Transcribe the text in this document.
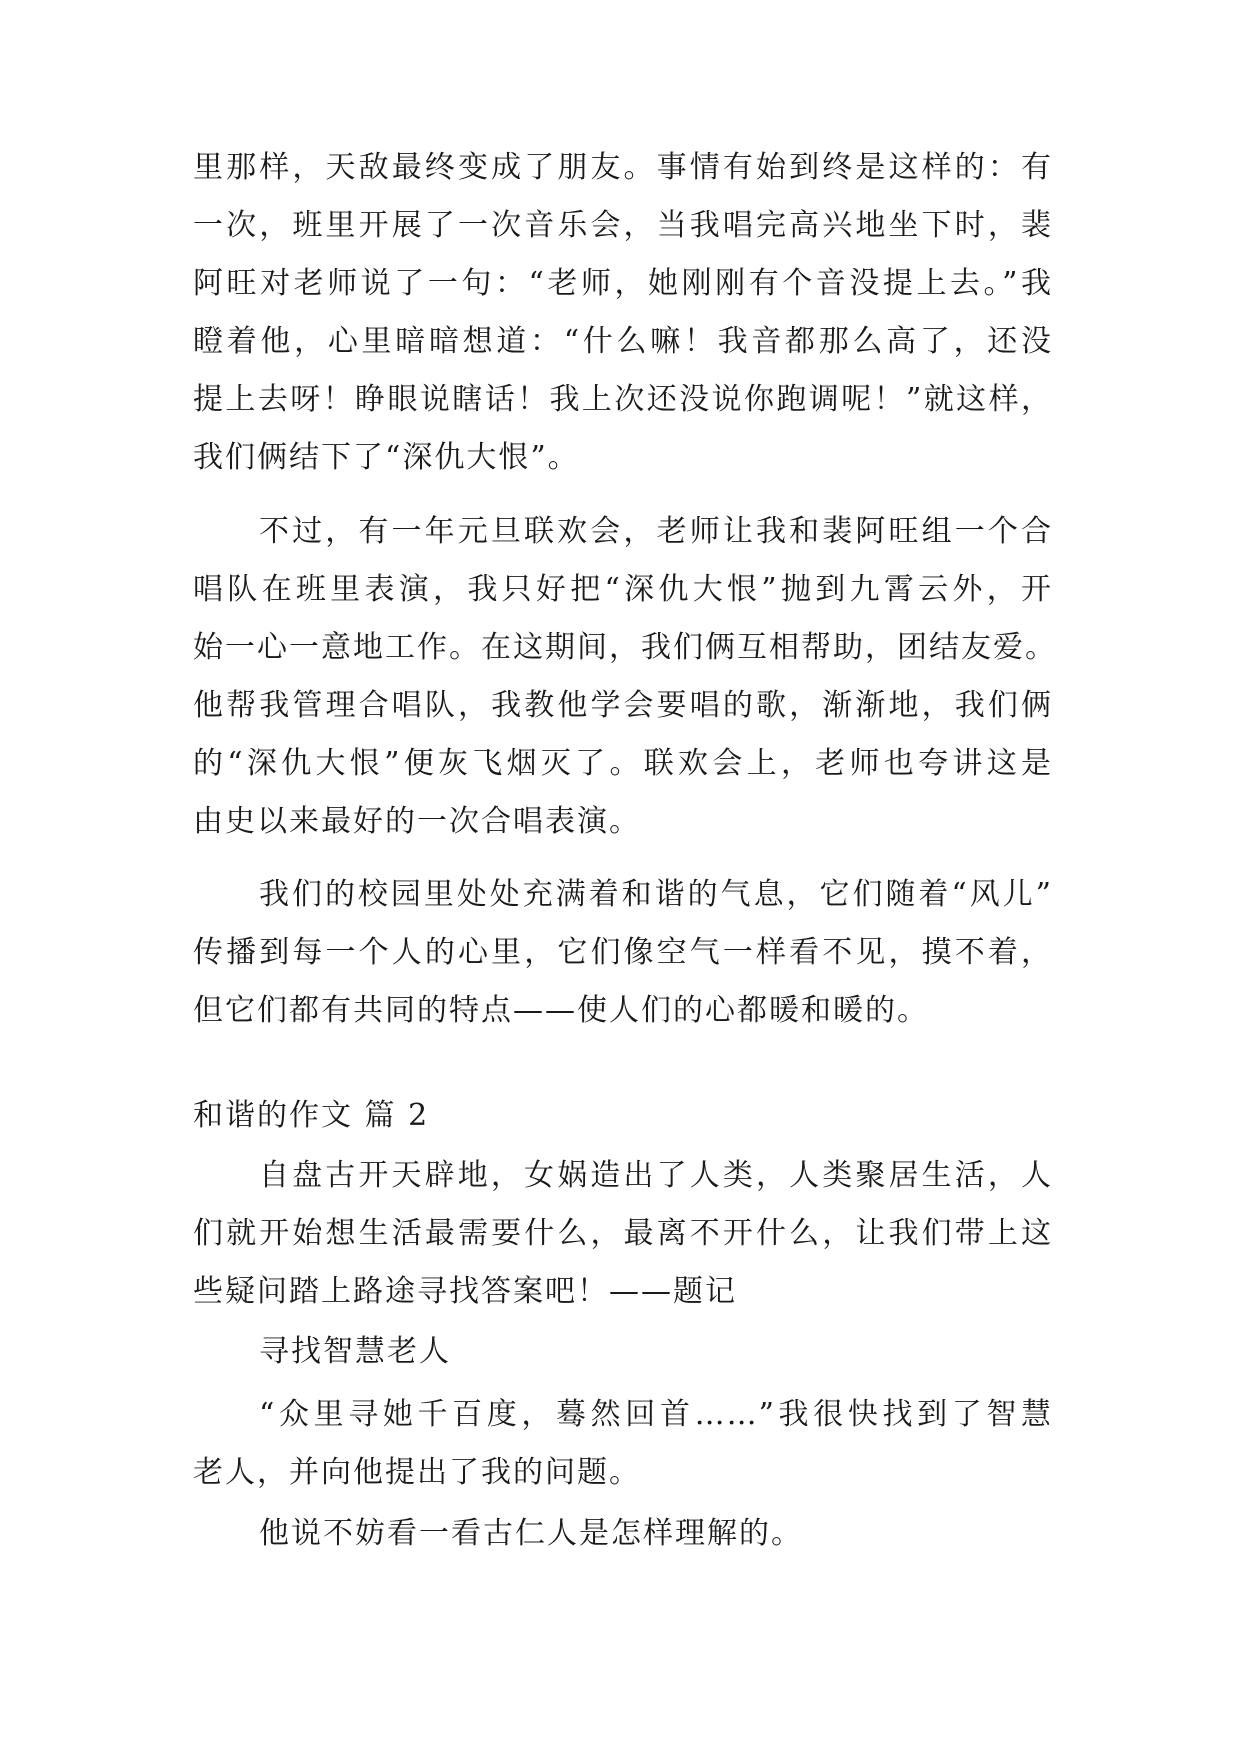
里那样，天敌最终变成了朋友。事情有始到终是这样的：有
一次，班里开展了一次音乐会，当我唱完高兴地坐下时，裴
阿旺对老师说了一句：“老师，她刚刚有个音没提上去。”我
瞪着他，心里暗暗想道：“什么嘛！我音都那么高了，还没
提上去呀！睁眼说瞎话！我上次还没说你跑调呢！”就这样，
我们俩结下了“深仇大恨”。
不过，有一年元旦联欢会，老师让我和裴阿旺组一个合
唱队在班里表演，我只好把“深仇大恨”抛到九霄云外，开
始一心一意地工作。在这期间，我们俩互相帮助，团结友爱。
他帮我管理合唱队，我教他学会要唱的歌，渐渐地，我们俩
的“深仇大恨”便灰飞烟灭了。联欢会上，老师也夸讲这是
由史以来最好的一次合唱表演。
我们的校园里处处充满着和谐的气息，它们随着“风儿”
传播到每一个人的心里，它们像空气一样看不见，摸不着，
但它们都有共同的特点——使人们的心都暖和暖的。
和谐的作文 篇 2
自盘古开天辟地，女娲造出了人类，人类聚居生活，人
们就开始想生活最需要什么，最离不开什么，让我们带上这
些疑问踏上路途寻找答案吧！——题记
寻找智慧老人
“众里寻她千百度，蓦然回首……”我很快找到了智慧
老人，并向他提出了我的问题。
他说不妨看一看古仁人是怎样理解的。
